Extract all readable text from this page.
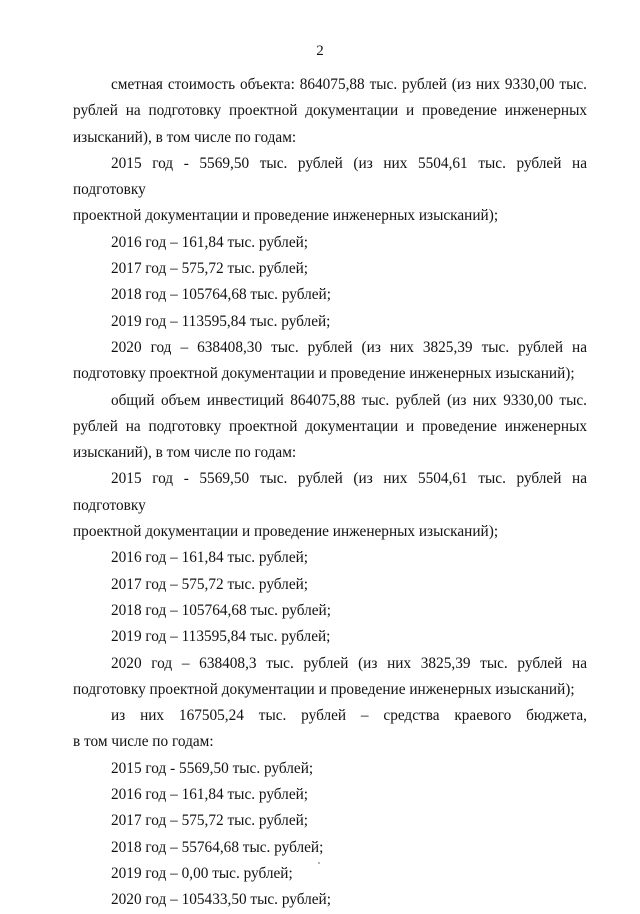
2

сметная стоимость объекта: 864075,88 тыс. рублей (из них 9330,00 тыс.

рублей на подготовку проектной документации и проведение инженерных

изысканий), в том числе по годам:

2015 год - 5569,50 тыс. рублей (из них 5504,61 тыс. рублей на подготовку

проектной документации и проведение инженерных изысканий);

2016 год – 161,84 тыс. рублей;

2017 год – 575,72 тыс. рублей;

2018 год – 105764,68 тыс. рублей;

2019 год – 113595,84 тыс. рублей;

2020 год – 638408,30 тыс. рублей (из них 3825,39 тыс. рублей на

подготовку проектной документации и проведение инженерных изысканий);

общий объем инвестиций 864075,88 тыс. рублей (из них 9330,00 тыс.

рублей на подготовку проектной документации и проведение инженерных

изысканий), в том числе по годам:

2015 год - 5569,50 тыс. рублей (из них 5504,61 тыс. рублей на подготовку

проектной документации и проведение инженерных изысканий);

2016 год – 161,84 тыс. рублей;

2017 год – 575,72 тыс. рублей;

2018 год – 105764,68 тыс. рублей;

2019 год – 113595,84 тыс. рублей;

2020 год – 638408,3 тыс. рублей (из них 3825,39 тыс. рублей на

подготовку проектной документации и проведение инженерных изысканий);

из них 167505,24 тыс. рублей – средства краевого бюджета,

в том числе по годам:

2015 год - 5569,50 тыс. рублей;

2016 год – 161,84 тыс. рублей;

2017 год – 575,72 тыс. рублей;

2018 год – 55764,68 тыс. рублей;

2019 год – 0,00 тыс. рублей;

2020 год – 105433,50 тыс. рублей;
